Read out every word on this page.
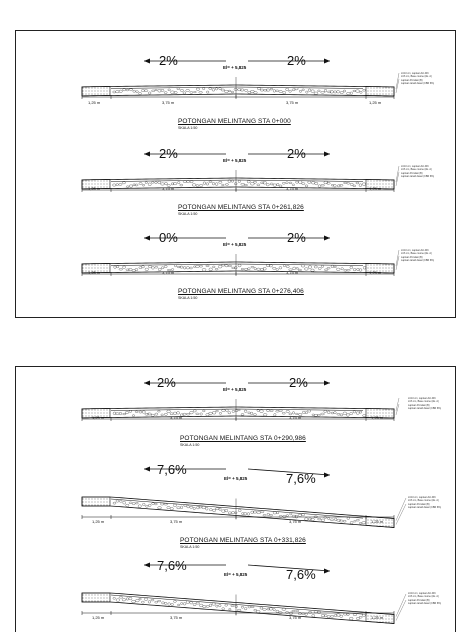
2%	2%
El= + 5,825
1,25 m	3,75 m	3,75 m	1,25 m
LC10 cm, Lapisan AC-WC
LC6 cm, Base course (kls. A)
Lapisan Pondasi (B)
Lapisan tanah dasar (CBR 6%)
POTONGAN MELINTANG STA 0+000
SKALA 1:50
2%	2%
El= + 5,825
1,25 m	3,75 m	3,75 m	1,25 m
LC10 cm, Lapisan AC-WC
LC6 cm, Base course (kls. A)
Lapisan Pondasi (B)
Lapisan tanah dasar (CBR 6%)
POTONGAN MELINTANG STA 0+261,826
SKALA 1:50
0%	2%
El= + 5,825
1,25 m	3,75 m	3,75 m	1,25 m
LC10 cm, Lapisan AC-WC
LC6 cm, Base course (kls. A)
Lapisan Pondasi (B)
Lapisan tanah dasar (CBR 6%)
POTONGAN MELINTANG STA 0+276,406
SKALA 1:50
2%	2%
El= + 5,825
1,25 m	3,75 m	3,75 m	1,25 m
LC10 cm, Lapisan AC-WC
LC6 cm, Base course (kls. A)
Lapisan Pondasi (B)
Lapisan tanah dasar (CBR 6%)
POTONGAN MELINTANG STA 0+290,986
SKALA 1:50
7,6%
7,6%
El= + 5,825
1,25 m	3,75 m	3,75 m	1,25 m
LC10 cm, Lapisan AC-WC
LC6 cm, Base course (kls. A)
Lapisan Pondasi (B)
Lapisan tanah dasar (CBR 6%)
POTONGAN MELINTANG STA 0+331,826
SKALA 1:50
7,6%
7,6%
El= + 5,825
1,25 m	3,75 m	3,75 m	1,25 m
LC10 cm, Lapisan AC-WC
LC6 cm, Base course (kls. A)
Lapisan Pondasi (B)
Lapisan tanah dasar (CBR 6%)
